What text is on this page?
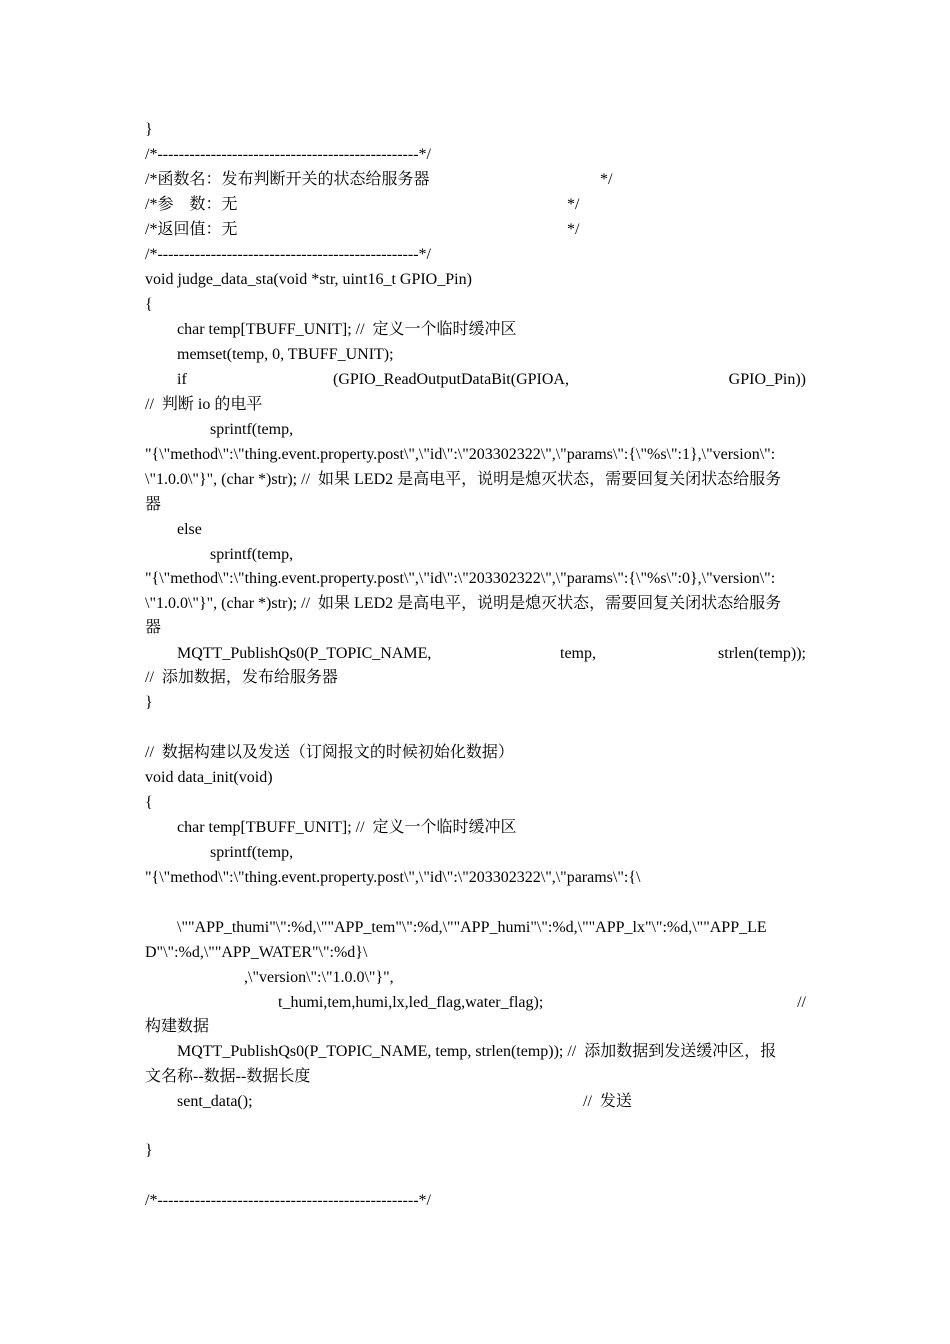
}
/*-------------------------------------------------*/
/*函数名：发布判断开关的状态给服务器	*/
/*参    数：无	*/
/*返回值：无	*/
/*-------------------------------------------------*/
void judge_data_sta(void *str, uint16_t GPIO_Pin)
{
char temp[TBUFF_UNIT]; //  定义一个临时缓冲区
memset(temp, 0, TBUFF_UNIT);
if	(GPIO_ReadOutputDataBit(GPIOA,	GPIO_Pin))
//  判断 io 的电平
sprintf(temp,
"{\"method\":\"thing.event.property.post\",\"id\":\"203302322\",\"params\":{\"%s\":1},\"version\":
\"1.0.0\"}", (char *)str); //  如果 LED2 是高电平，说明是熄灭状态，需要回复关闭状态给服务
器
else
sprintf(temp,
"{\"method\":\"thing.event.property.post\",\"id\":\"203302322\",\"params\":{\"%s\":0},\"version\":
\"1.0.0\"}", (char *)str); //  如果 LED2 是高电平，说明是熄灭状态，需要回复关闭状态给服务
器
MQTT_PublishQs0(P_TOPIC_NAME,	temp,	strlen(temp));
//  添加数据，发布给服务器
}
//  数据构建以及发送（订阅报文的时候初始化数据）
void data_init(void)
{
char temp[TBUFF_UNIT]; //  定义一个临时缓冲区
sprintf(temp,
"{\"method\":\"thing.event.property.post\",\"id\":\"203302322\",\"params\":{\
\""APP_thumi"\":%d,\""APP_tem"\":%d,\""APP_humi"\":%d,\""APP_lx"\":%d,\""APP_LE
D"\":%d,\""APP_WATER"\":%d}\
,\"version\":\"1.0.0\"}",
t_humi,tem,humi,lx,led_flag,water_flag);	//
构建数据
MQTT_PublishQs0(P_TOPIC_NAME, temp, strlen(temp)); //  添加数据到发送缓冲区，报
文名称--数据--数据长度
sent_data();	//  发送
}
/*-------------------------------------------------*/
